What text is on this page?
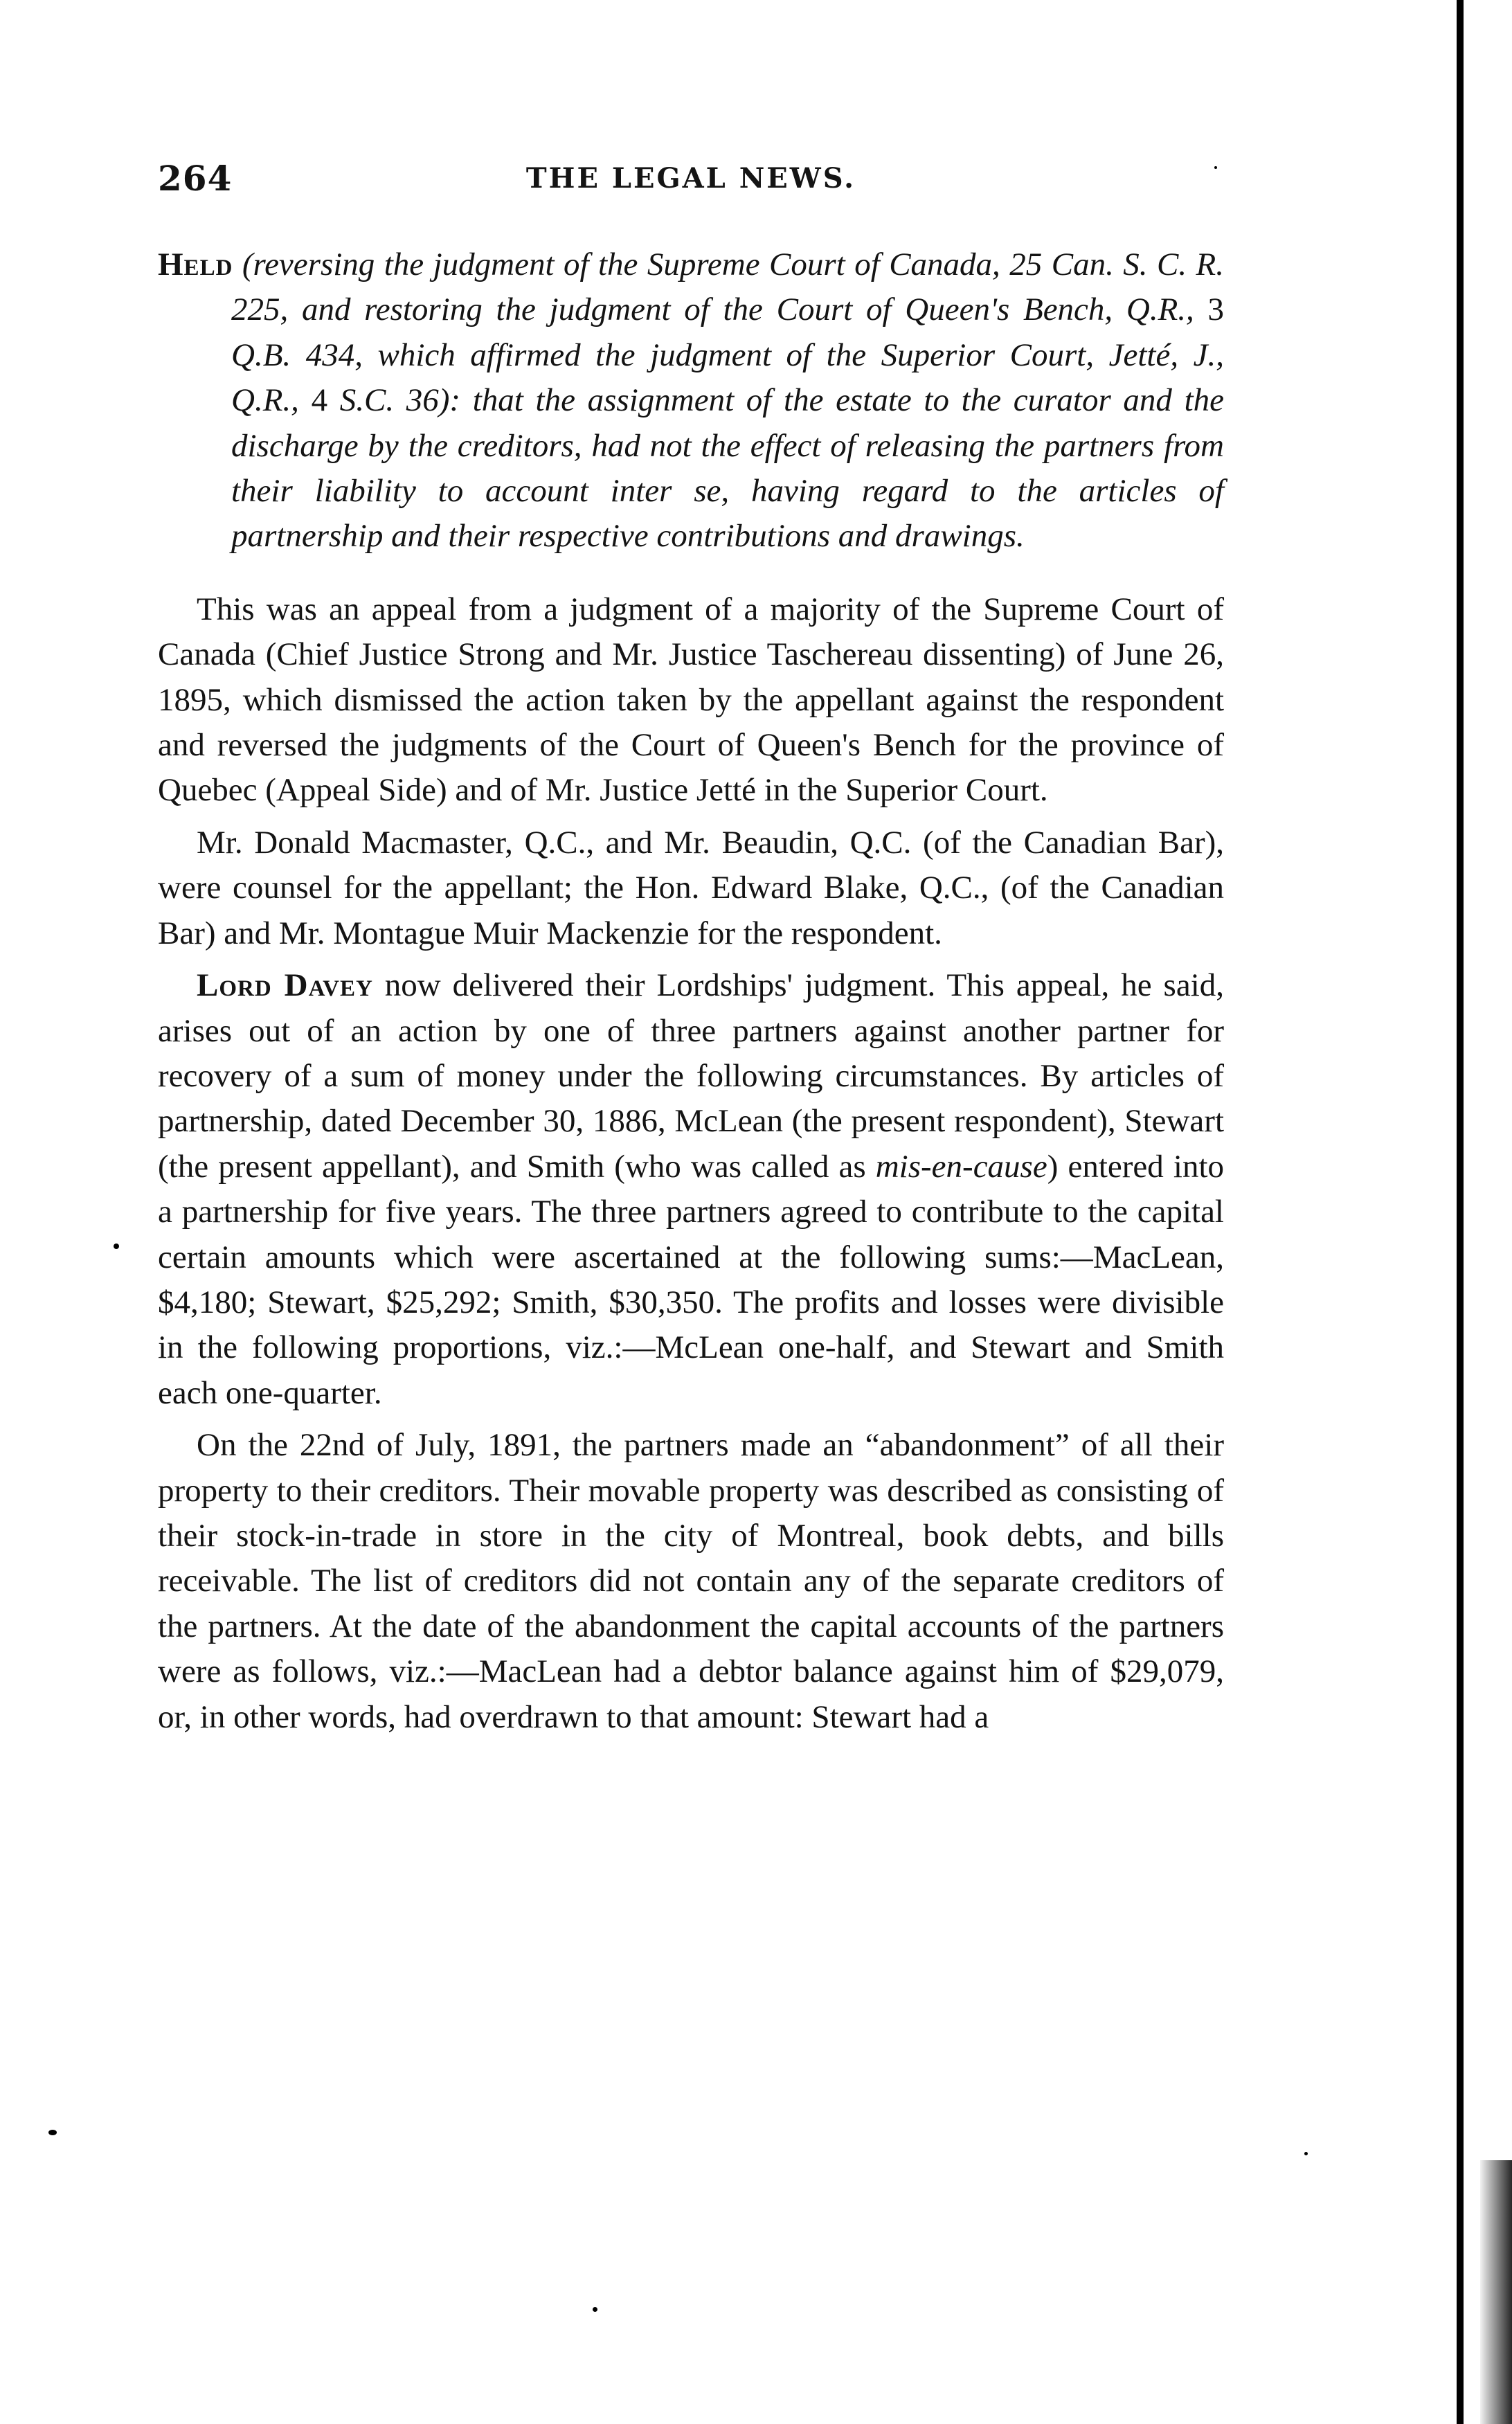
264	THE LEGAL NEWS.

Held (reversing the judgment of the Supreme Court of Canada, 25 Can. S. C. R. 225, and restoring the judgment of the Court of Queen's Bench, Q.R., 3 Q.B. 434, which affirmed the judgment of the Superior Court, Jetté, J., Q.R., 4 S.C. 36): that the assignment of the estate to the curator and the discharge by the creditors, had not the effect of releasing the partners from their liability to account inter se, having regard to the articles of partnership and their respective contributions and drawings.

This was an appeal from a judgment of a majority of the Supreme Court of Canada (Chief Justice Strong and Mr. Justice Taschereau dissenting) of June 26, 1895, which dismissed the action taken by the appellant against the respondent and reversed the judgments of the Court of Queen's Bench for the province of Quebec (Appeal Side) and of Mr. Justice Jetté in the Superior Court.

Mr. Donald Macmaster, Q.C., and Mr. Beaudin, Q.C. (of the Canadian Bar), were counsel for the appellant; the Hon. Edward Blake, Q.C., (of the Canadian Bar) and Mr. Montague Muir Mackenzie for the respondent.

Lord Davey now delivered their Lordships' judgment. This appeal, he said, arises out of an action by one of three partners against another partner for recovery of a sum of money under the following circumstances. By articles of partnership, dated December 30, 1886, McLean (the present respondent), Stewart (the present appellant), and Smith (who was called as mis-en-cause) entered into a partnership for five years. The three partners agreed to contribute to the capital certain amounts which were ascertained at the following sums:—MacLean, $4,180; Stewart, $25,292; Smith, $30,350. The profits and losses were divisible in the following proportions, viz.:—McLean one-half, and Stewart and Smith each one-quarter.

On the 22nd of July, 1891, the partners made an “abandonment” of all their property to their creditors. Their movable property was described as consisting of their stock-in-trade in store in the city of Montreal, book debts, and bills receivable. The list of creditors did not contain any of the separate creditors of the partners. At the date of the abandonment the capital accounts of the partners were as follows, viz.:—MacLean had a debtor balance against him of $29,079, or, in other words, had overdrawn to that amount: Stewart had a
